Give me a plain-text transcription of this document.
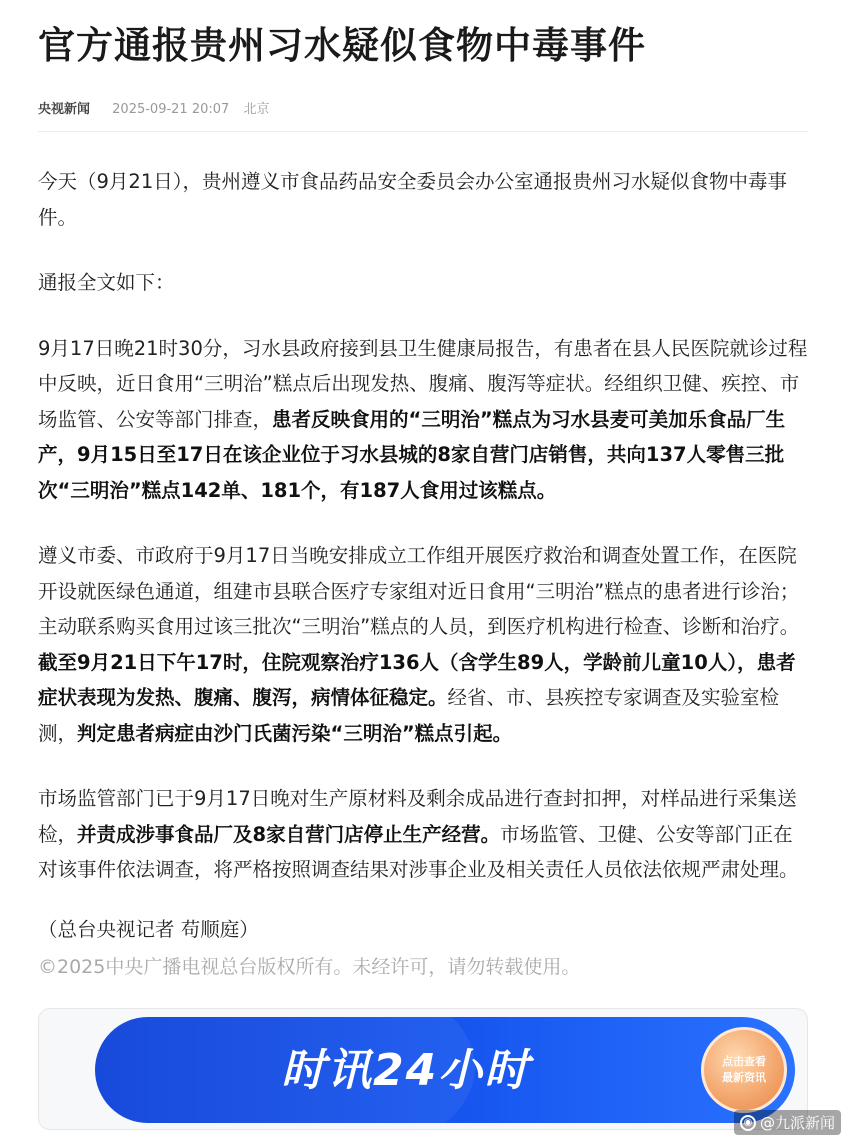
官方通报贵州习水疑似食物中毒事件
央视新闻 2025-09-21 20:07 北京

今天（9月21日），贵州遵义市食品药品安全委员会办公室通报贵州习水疑似食物中毒事件。

通报全文如下：

9月17日晚21时30分，习水县政府接到县卫生健康局报告，有患者在县人民医院就诊过程中反映，近日食用“三明治”糕点后出现发热、腹痛、腹泻等症状。经组织卫健、疾控、市场监管、公安等部门排查，患者反映食用的“三明治”糕点为习水县麦可美加乐食品厂生产，9月15日至17日在该企业位于习水县城的8家自营门店销售，共向137人零售三批次“三明治”糕点142单、181个，有187人食用过该糕点。

遵义市委、市政府于9月17日当晚安排成立工作组开展医疗救治和调查处置工作，在医院开设就医绿色通道，组建市县联合医疗专家组对近日食用“三明治”糕点的患者进行诊治；主动联系购买食用过该三批次“三明治”糕点的人员，到医疗机构进行检查、诊断和治疗。截至9月21日下午17时，住院观察治疗136人（含学生89人，学龄前儿童10人），患者症状表现为发热、腹痛、腹泻，病情体征稳定。经省、市、县疾控专家调查及实验室检测，判定患者病症由沙门氏菌污染“三明治”糕点引起。

市场监管部门已于9月17日晚对生产原材料及剩余成品进行查封扣押，对样品进行采集送检，并责成涉事食品厂及8家自营门店停止生产经营。市场监管、卫健、公安等部门正在对该事件依法调查，将严格按照调查结果对涉事企业及相关责任人员依法依规严肃处理。

（总台央视记者 苟顺庭）

©2025中央广播电视总台版权所有。未经许可，请勿转载使用。
时讯24小时	点击查看
最新资讯
◉ @九派新闻
